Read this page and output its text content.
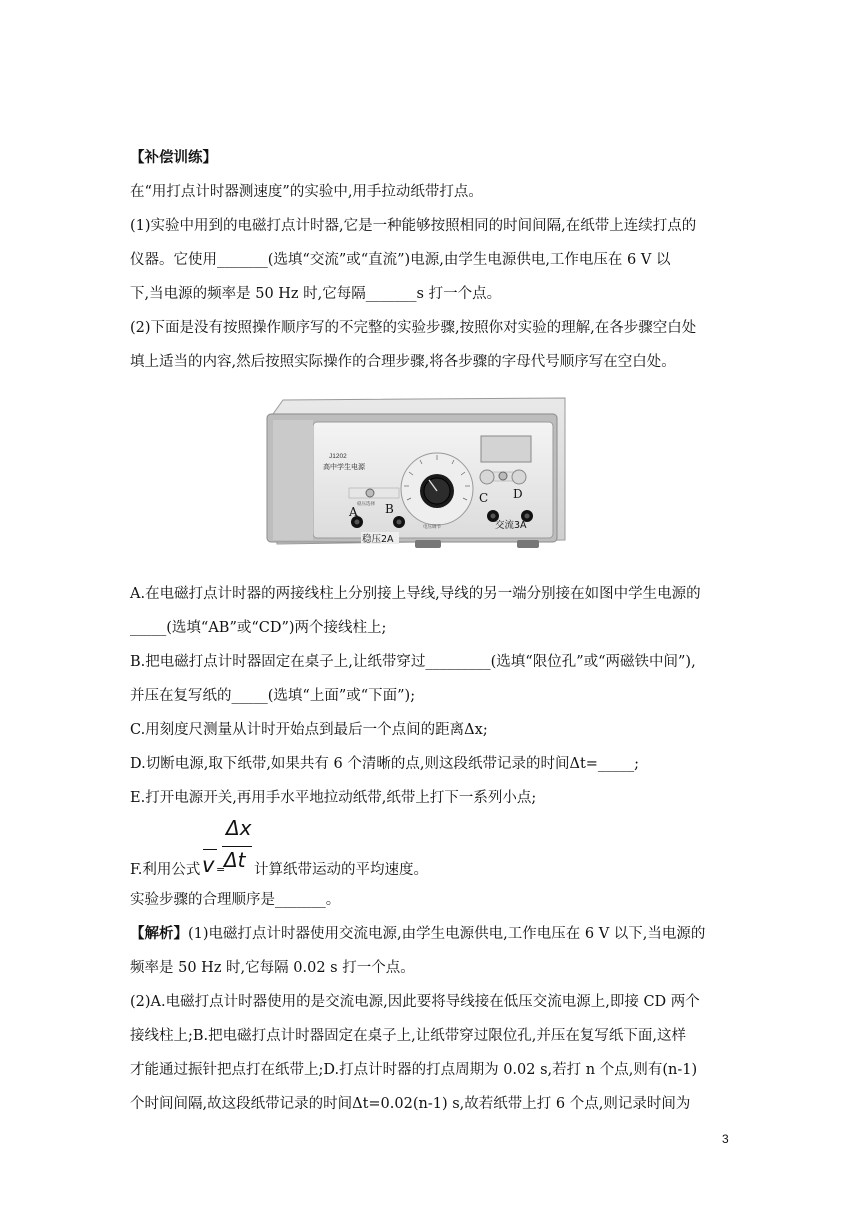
【补偿训练】
在“用打点计时器测速度”的实验中,用手拉动纸带打点。
(1)实验中用到的电磁打点计时器,它是一种能够按照相同的时间间隔,在纸带上连续打点的
仪器。它使用_______(选填“交流”或“直流”)电源,由学生电源供电,工作电压在 6 V 以
下,当电源的频率是 50 Hz 时,它每隔_______s 打一个点。
(2)下面是没有按照操作顺序写的不完整的实验步骤,按照你对实验的理解,在各步骤空白处
填上适当的内容,然后按照实际操作的合理步骤,将各步骤的字母代号顺序写在空白处。
J1202
高中学生电源
稳压选择
电压调节
A B
C D
稳压2A
交流3A
A.在电磁打点计时器的两接线柱上分别接上导线,导线的另一端分别接在如图中学生电源的
_____(选填“AB”或“CD”)两个接线柱上;
B.把电磁打点计时器固定在桌子上,让纸带穿过_________(选填“限位孔”或“两磁铁中间”),
并压在复写纸的_____(选填“上面”或“下面”);
C.用刻度尺测量从计时开始点到最后一个点间的距离Δx;
D.切断电源,取下纸带,如果共有 6 个清晰的点,则这段纸带记录的时间Δt=_____;
E.打开电源开关,再用手水平地拉动纸带,纸带上打下一系列小点;
F.利用公式 v =
Δx
Δt 计算纸带运动的平均速度。
实验步骤的合理顺序是_______。
【解析】(1)电磁打点计时器使用交流电源,由学生电源供电,工作电压在 6 V 以下,当电源的
频率是 50 Hz 时,它每隔 0.02 s 打一个点。
(2)A.电磁打点计时器使用的是交流电源,因此要将导线接在低压交流电源上,即接 CD 两个
接线柱上;B.把电磁打点计时器固定在桌子上,让纸带穿过限位孔,并压在复写纸下面,这样
才能通过振针把点打在纸带上;D.打点计时器的打点周期为 0.02 s,若打 n 个点,则有(n-1)
个时间间隔,故这段纸带记录的时间Δt=0.02(n-1) s,故若纸带上打 6 个点,则记录时间为
3
